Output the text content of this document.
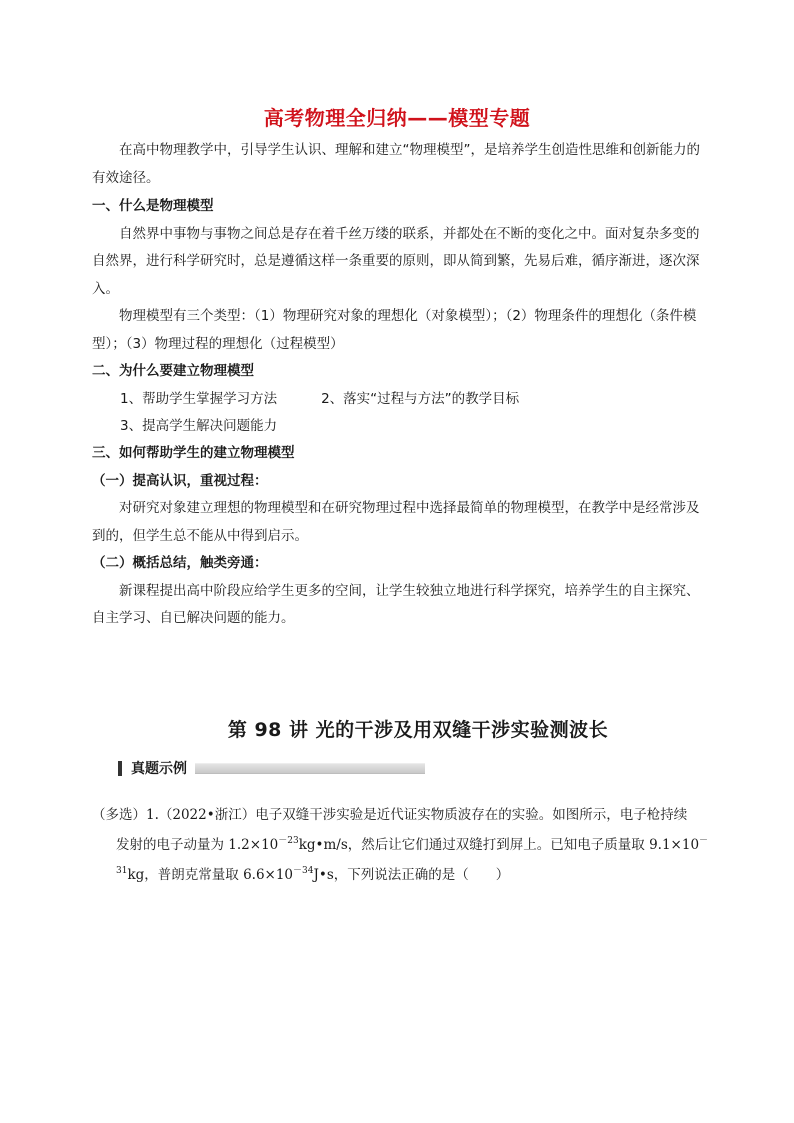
高考物理全归纳——模型专题

在高中物理教学中，引导学生认识、理解和建立“物理模型”，是培养学生创造性思维和创新能力的有效途径。

一、什么是物理模型

自然界中事物与事物之间总是存在着千丝万缕的联系，并都处在不断的变化之中。面对复杂多变的自然界，进行科学研究时，总是遵循这样一条重要的原则，即从简到繁，先易后难，循序渐进，逐次深入。

物理模型有三个类型：（1）物理研究对象的理想化（对象模型）；（2）物理条件的理想化（条件模型）；（3）物理过程的理想化（过程模型）

二、为什么要建立物理模型

1、帮助学生掌握学习方法	2、落实“过程与方法”的教学目标

3、提高学生解决问题能力

三、如何帮助学生的建立物理模型

（一）提高认识，重视过程：

对研究对象建立理想的物理模型和在研究物理过程中选择最简单的物理模型，在教学中是经常涉及到的，但学生总不能从中得到启示。

（二）概括总结，触类旁通：

新课程提出高中阶段应给学生更多的空间，让学生较独立地进行科学探究，培养学生的自主探究、自主学习、自已解决问题的能力。

第 98 讲 光的干涉及用双缝干涉实验测波长
真题示例

（多选）1.（2022•浙江）电子双缝干涉实验是近代证实物质波存在的实验。如图所示，电子枪持续

发射的电子动量为 $1.2\times 10^{-23}kg•m/s$，然后让它们通过双缝打到屏上。已知电子质量取 9.1×10－

$^{31}$kg，普朗克常量取 $6.6\times 10^{-34}J•s$，下列说法正确的是（　　）
